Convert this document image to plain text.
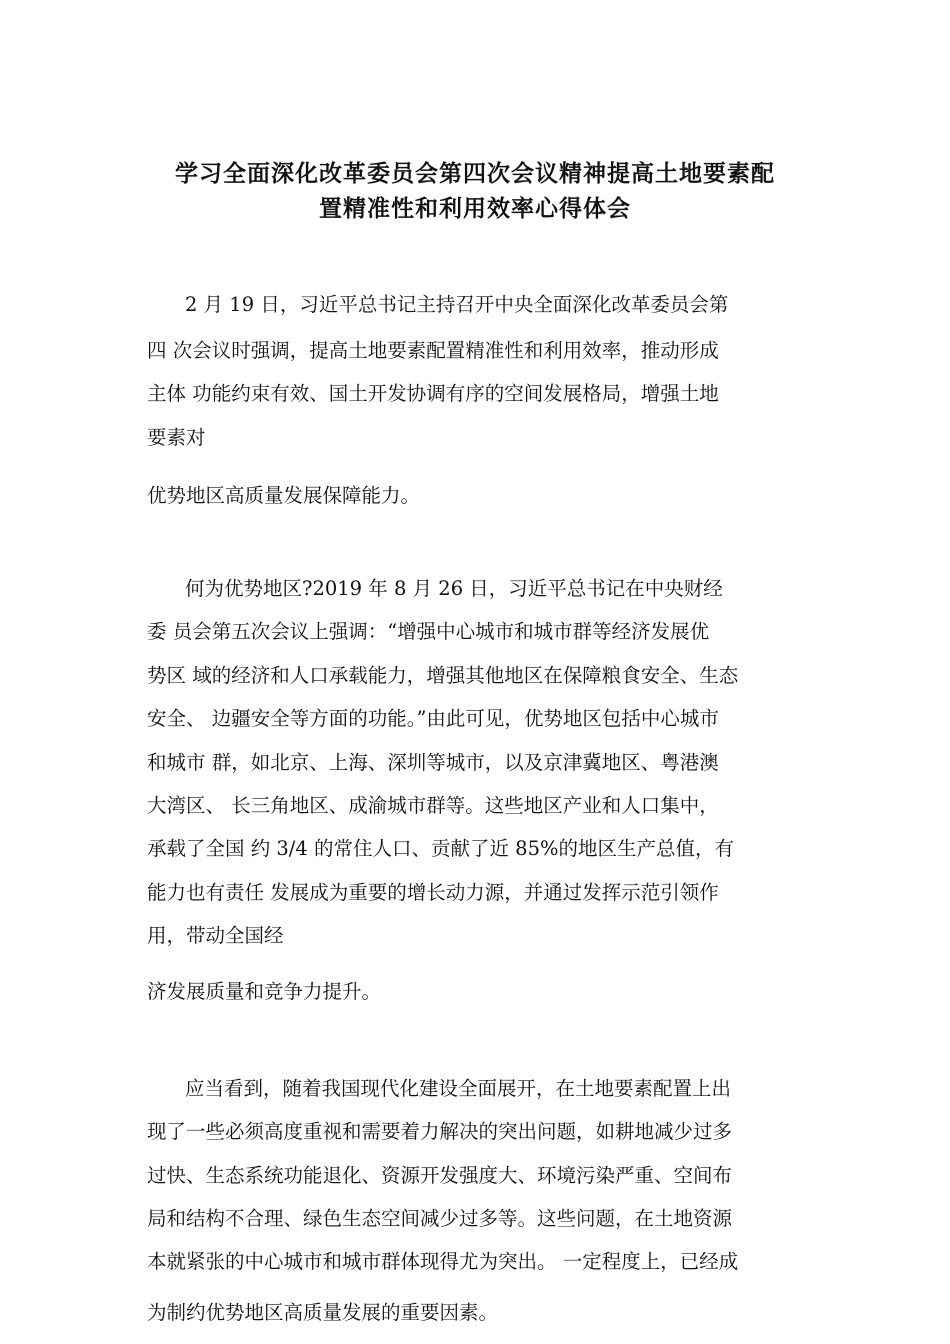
学习全面深化改革委员会第四次会议精神提高土地要素配
置精准性和利用效率心得体会

2 月 19 日，习近平总书记主持召开中央全面深化改革委员会第

四 次会议时强调，提高土地要素配置精准性和利用效率，推动形成

主体 功能约束有效、国土开发协调有序的空间发展格局，增强土地

要素对

优势地区高质量发展保障能力。

何为优势地区?2019 年 8 月 26 日，习近平总书记在中央财经

委 员会第五次会议上强调：“增强中心城市和城市群等经济发展优

势区 域的经济和人口承载能力，增强其他地区在保障粮食安全、生态

安全、 边疆安全等方面的功能。”由此可见，优势地区包括中心城市

和城市 群，如北京、上海、深圳等城市，以及京津冀地区、粤港澳

大湾区、 长三角地区、成渝城市群等。这些地区产业和人口集中，

承载了全国 约 3/4 的常住人口、贡献了近 85%的地区生产总值，有

能力也有责任 发展成为重要的增长动力源，并通过发挥示范引领作

用，带动全国经

济发展质量和竞争力提升。

应当看到，随着我国现代化建设全面展开，在土地要素配置上出

现了一些必须高度重视和需要着力解决的突出问题，如耕地减少过多

过快、生态系统功能退化、资源开发强度大、环境污染严重、空间布

局和结构不合理、绿色生态空间减少过多等。这些问题，在土地资源

本就紧张的中心城市和城市群体现得尤为突出。 一定程度上，已经成

为制约优势地区高质量发展的重要因素。
